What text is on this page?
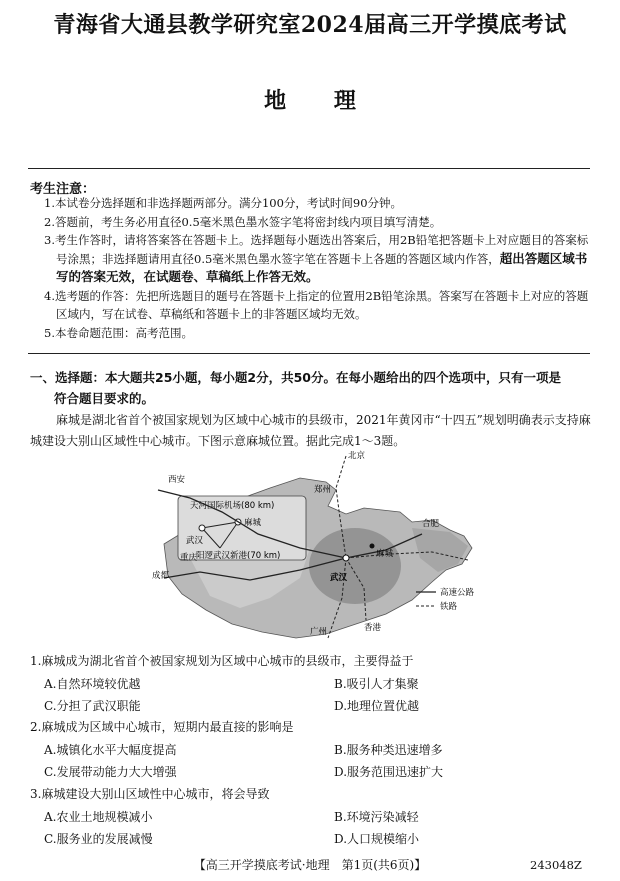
青海省大通县教学研究室2024届高三开学摸底考试
地 理
考生注意：

1.本试卷分选择题和非选择题两部分。满分100分，考试时间90分钟。

2.答题前，考生务必用直径0.5毫米黑色墨水签字笔将密封线内项目填写清楚。

3.考生作答时，请将答案答在答题卡上。选择题每小题选出答案后，用2B铅笔把答题卡上对应题目的答案标号涂黑；非选择题请用直径0.5毫米黑色墨水签字笔在答题卡上各题的答题区域内作答，超出答题区域书写的答案无效，在试题卷、草稿纸上作答无效。

4.选考题的作答：先把所选题目的题号在答题卡上指定的位置用2B铅笔涂黑。答案写在答题卡上对应的答题区域内，写在试卷、草稿纸和答题卡上的非答题区域均无效。

5.本卷命题范围：高考范围。

一、选择题：本大题共25小题，每小题2分，共50分。在每小题给出的四个选项中，只有一项是
符合题目要求的。
麻城是湖北省首个被国家规划为区域中心城市的县级市，2021年黄冈市“十四五”规划明确表示支持麻城建设大别山区域性中心城市。下图示意麻城位置。据此完成1～3题。
天河国际机场(80 km)
麻城
武汉
阳逻武汉新港(70 km)
西安
北京
郑州
合肥
重庆
成都	武汉
麻城
广州	香港
高速公路
铁路
1.麻城成为湖北省首个被国家规划为区域中心城市的县级市，主要得益于
A.自然环境较优越	B.吸引人才集聚
C.分担了武汉职能	D.地理位置优越
2.麻城成为区域中心城市，短期内最直接的影响是
A.城镇化水平大幅度提高	B.服务种类迅速增多
C.发展带动能力大大增强	D.服务范围迅速扩大
3.麻城建设大别山区域性中心城市，将会导致
A.农业土地规模减小	B.环境污染减轻
C.服务业的发展减慢	D.人口规模缩小
【高三开学摸底考试·地理　第1页(共6页)】	243048Z
